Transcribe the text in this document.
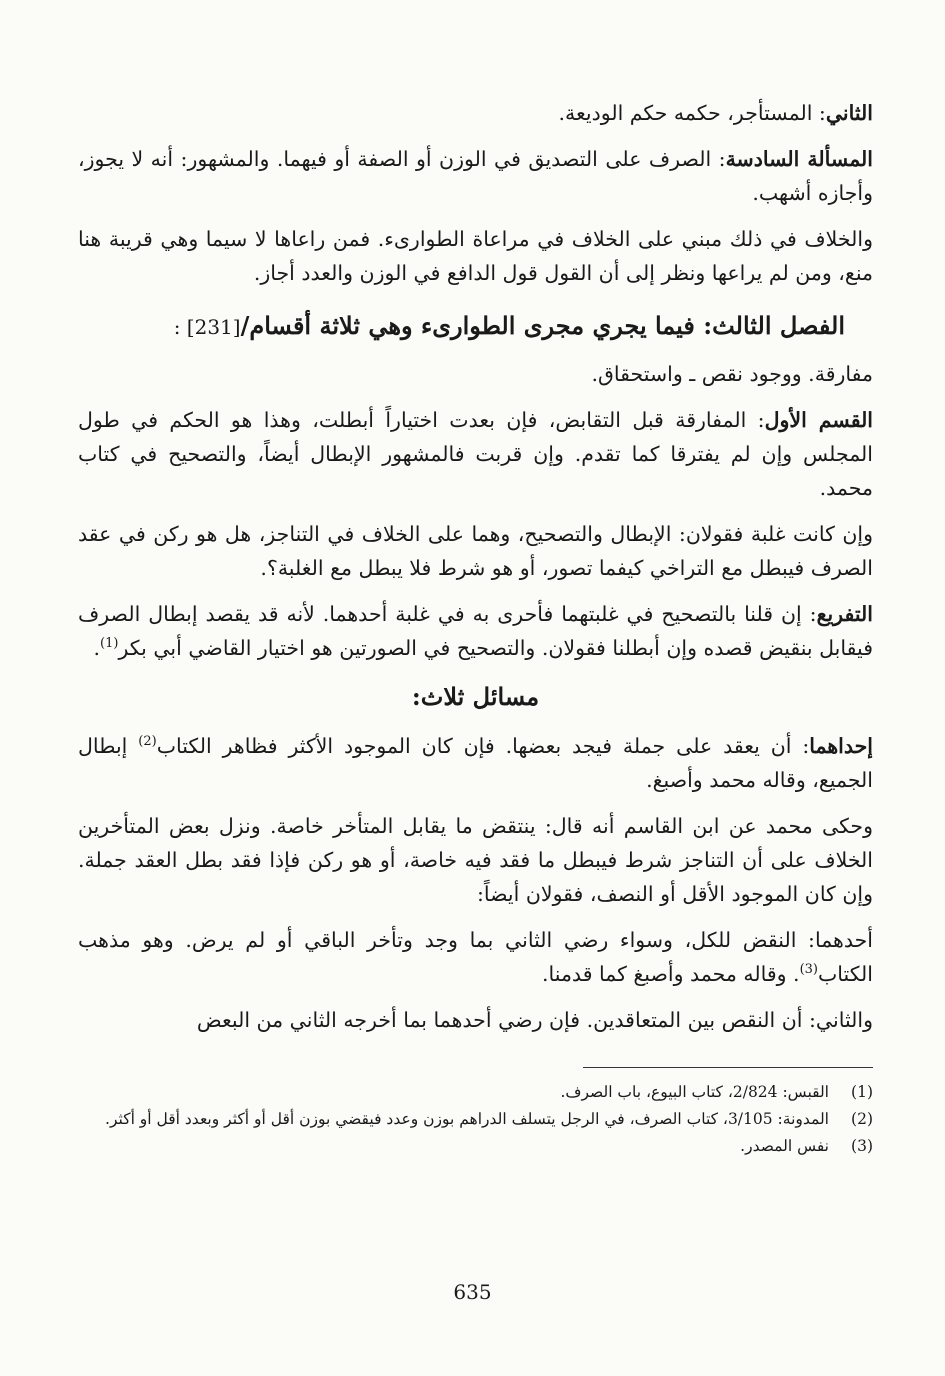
الثاني: المستأجر، حكمه حكم الوديعة.

المسألة السادسة: الصرف على التصديق في الوزن أو الصفة أو فيهما. والمشهور: أنه لا يجوز، وأجازه أشهب.

والخلاف في ذلك مبني على الخلاف في مراعاة الطوارىء. فمن راعاها لا سيما وهي قريبة هنا منع، ومن لم يراعها ونظر إلى أن القول قول الدافع في الوزن والعدد أجاز.

الفصل الثالث: فيما يجري مجرى الطوارىء وهي ثلاثة أقسام/[231] :

مفارقة. ووجود نقص ـ واستحقاق.

القسم الأول: المفارقة قبل التقابض، فإن بعدت اختياراً أبطلت، وهذا هو الحكم في طول المجلس وإن لم يفترقا كما تقدم. وإن قربت فالمشهور الإبطال أيضاً، والتصحيح في كتاب محمد.

وإن كانت غلبة فقولان: الإبطال والتصحيح، وهما على الخلاف في التناجز، هل هو ركن في عقد الصرف فيبطل مع التراخي كيفما تصور، أو هو شرط فلا يبطل مع الغلبة؟.

التفريع: إن قلنا بالتصحيح في غلبتهما فأحرى به في غلبة أحدهما. لأنه قد يقصد إبطال الصرف فيقابل بنقيض قصده وإن أبطلنا فقولان. والتصحيح في الصورتين هو اختيار القاضي أبي بكر$^{(1)}$.

مسائل ثلاث:

إحداهما: أن يعقد على جملة فيجد بعضها. فإن كان الموجود الأكثر فظاهر الكتاب$^{(2)}$ إبطال الجميع، وقاله محمد وأصبغ.

وحكى محمد عن ابن القاسم أنه قال: ينتقض ما يقابل المتأخر خاصة. ونزل بعض المتأخرين الخلاف على أن التناجز شرط فيبطل ما فقد فيه خاصة، أو هو ركن فإذا فقد بطل العقد جملة. وإن كان الموجود الأقل أو النصف، فقولان أيضاً:

أحدهما: النقض للكل، وسواء رضي الثاني بما وجد وتأخر الباقي أو لم يرض. وهو مذهب الكتاب$^{(3)}$. وقاله محمد وأصبغ كما قدمنا.

والثاني: أن النقص بين المتعاقدين. فإن رضي أحدهما بما أخرجه الثاني من البعض

(1)
القبس: 2/824، كتاب البيوع، باب الصرف.
(2)
المدونة: 3/105، كتاب الصرف، في الرجل يتسلف الدراهم بوزن وعدد فيقضي بوزن أقل أو أكثر وبعدد أقل أو أكثر.
(3)
نفس المصدر.
635
